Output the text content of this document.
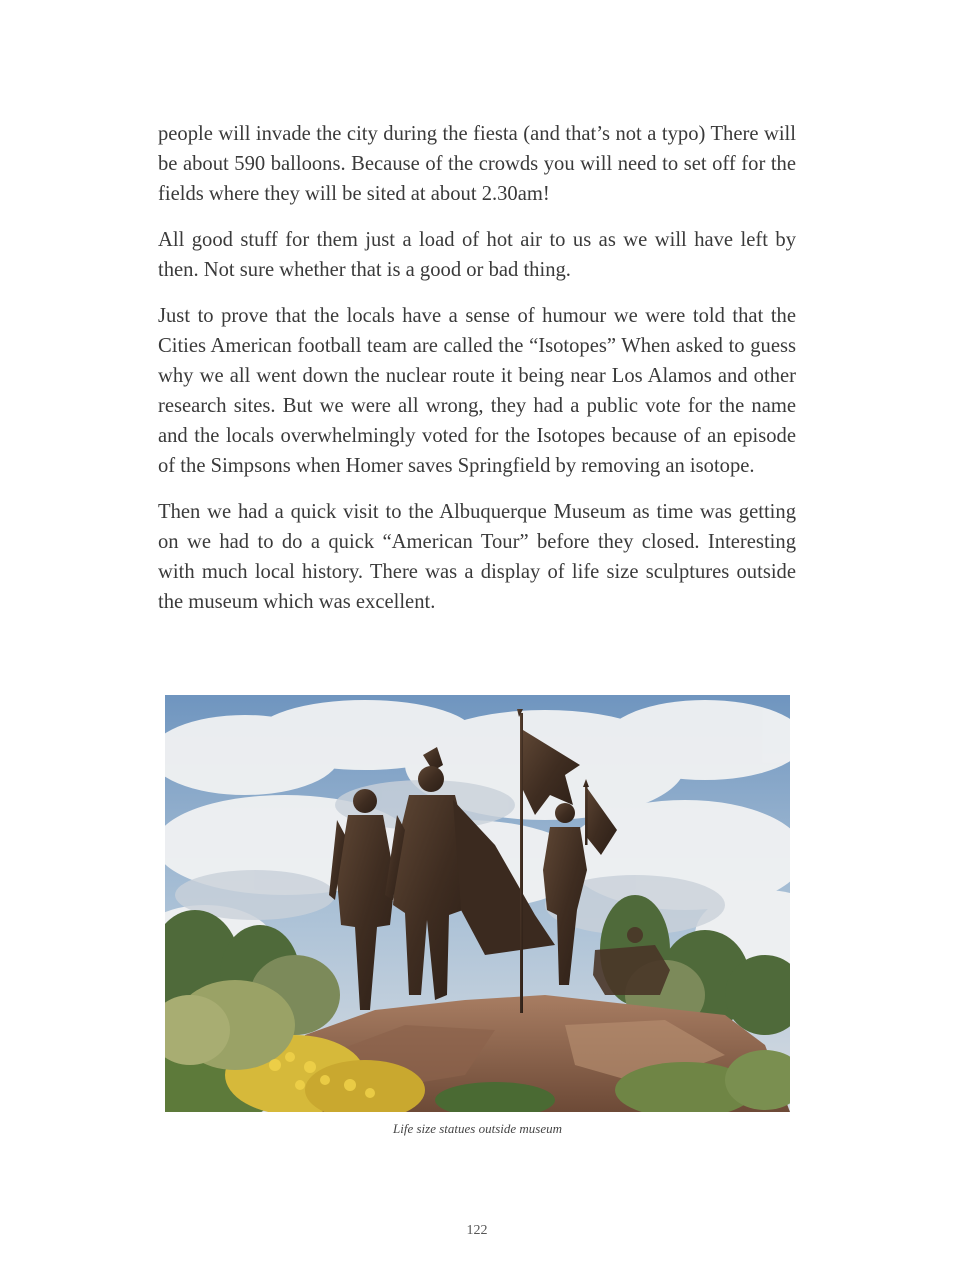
people will invade the city during the fiesta (and that’s not a typo) There will be about 590 balloons. Because of the crowds you will need to set off for the fields where they will be sited at about 2.30am!

All good stuff for them just a load of hot air to us as we will have left by then. Not sure whether that is a good or bad thing.

Just to prove that the locals have a sense of humour we were told that the Cities American football team are called the “Isotopes” When asked to guess why we all went down the nuclear route it being near Los Alamos and other research sites. But we were all wrong, they had a public vote for the name and the locals overwhelmingly voted for the Isotopes because of an episode of the Simpsons when Homer saves Springfield by removing an isotope.

Then we had a quick visit to the Albuquerque Museum as time was getting on we had to do a quick “American Tour” before they closed. Interesting with much local history. There was a display of life size sculptures outside the museum which was excellent.

Life size statues outside museum
122
